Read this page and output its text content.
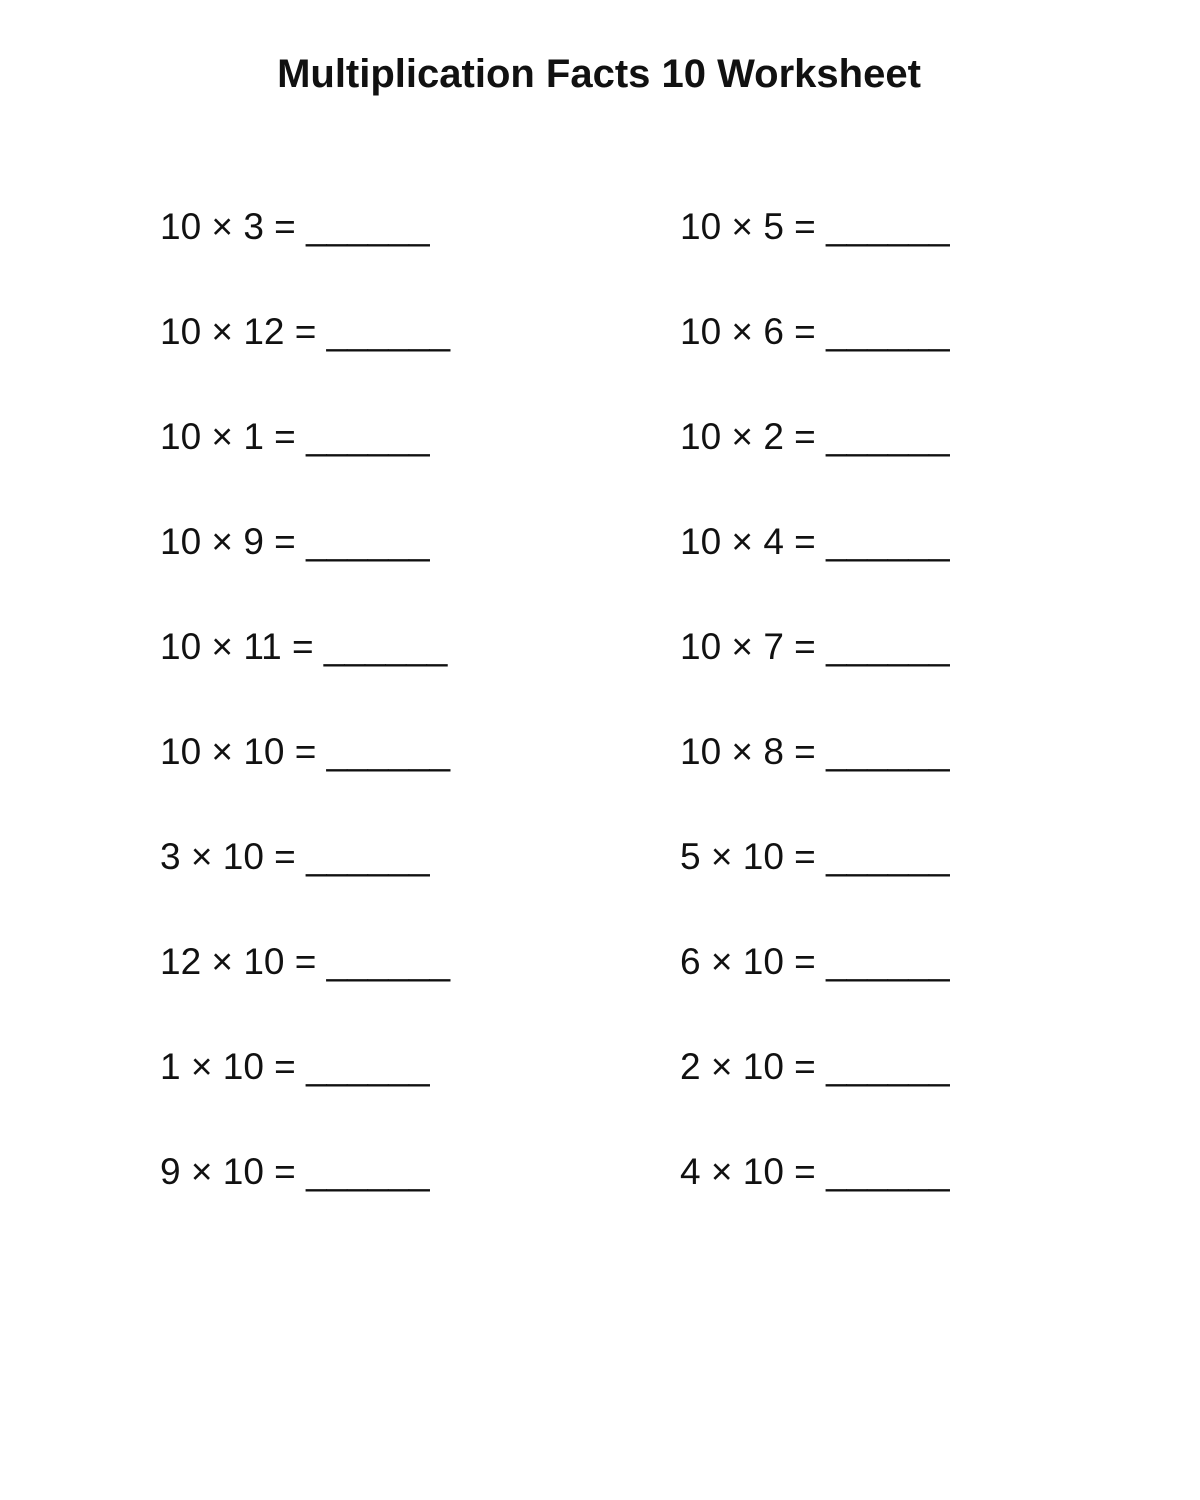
Multiplication Facts 10 Worksheet
10 × 3 = ______	10 × 5 = ______
10 × 12 = ______	10 × 6 = ______
10 × 1 = ______	10 × 2 = ______
10 × 9 = ______	10 × 4 = ______
10 × 11 = ______	10 × 7 = ______
10 × 10 = ______	10 × 8 = ______
3 × 10 = ______	5 × 10 = ______
12 × 10 = ______	6 × 10 = ______
1 × 10 = ______	2 × 10 = ______
9 × 10 = ______	4 × 10 = ______
